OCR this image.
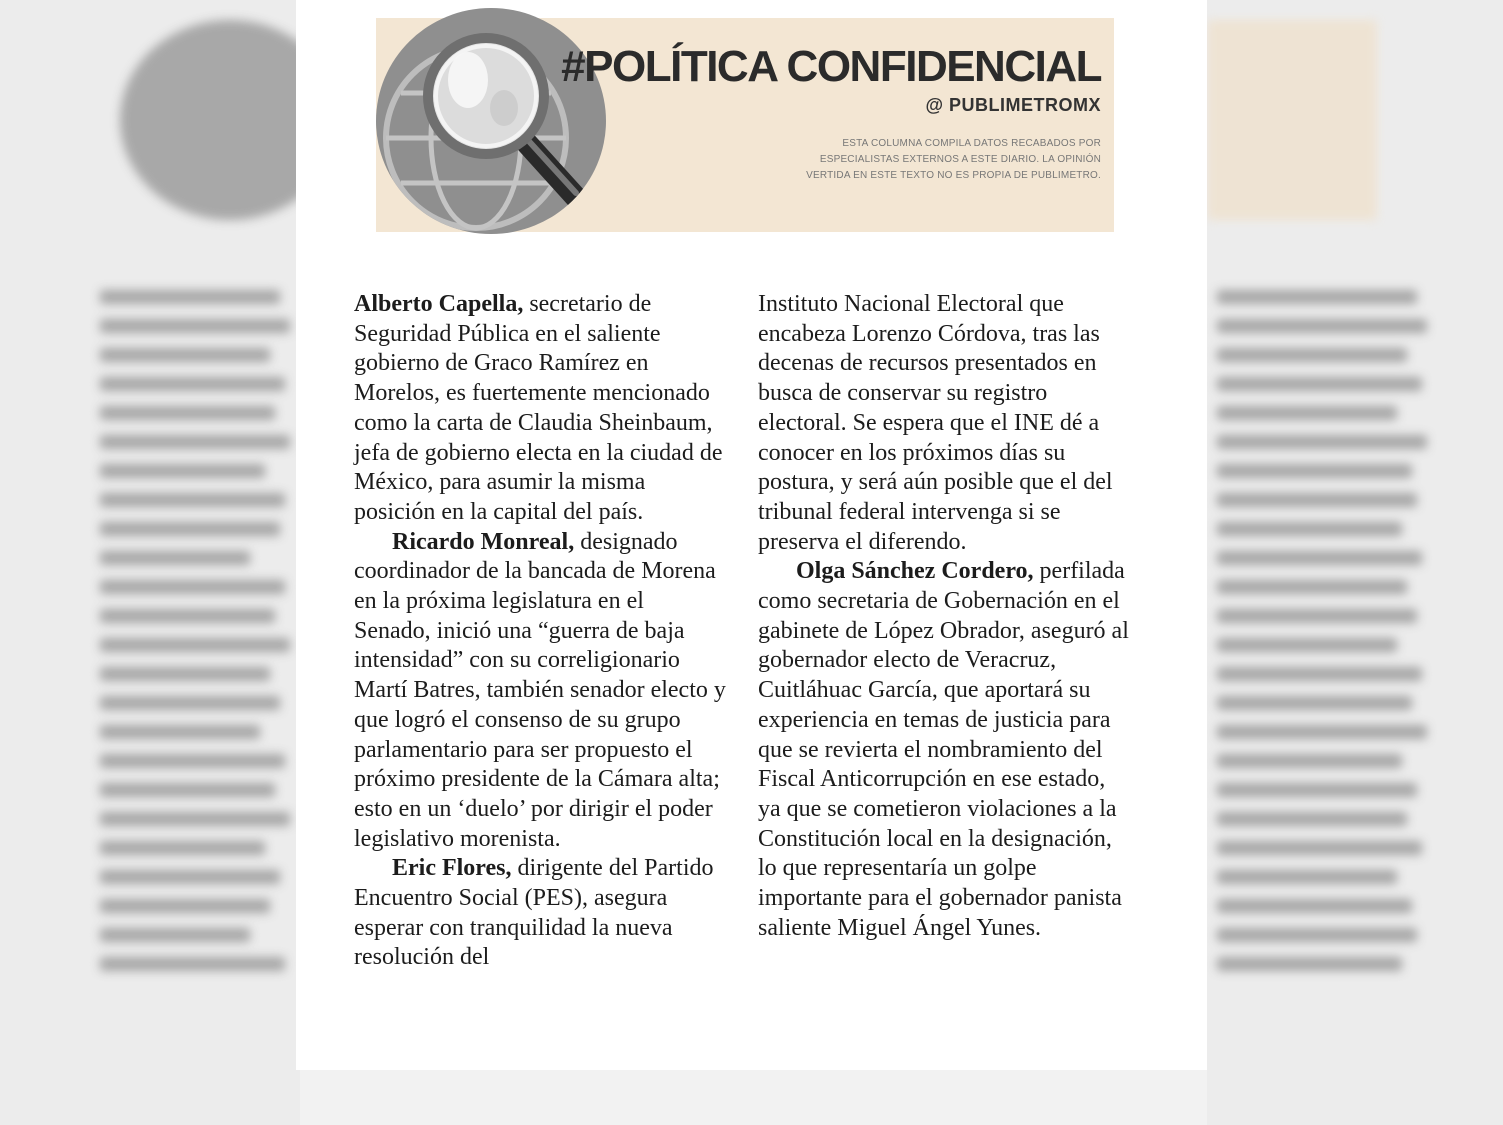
#POLÍTICA CONFIDENCIAL
@ PUBLIMETROMX
ESTA COLUMNA COMPILA DATOS RECABADOS POR ESPECIALISTAS EXTERNOS A ESTE DIARIO. LA OPINIÓN VERTIDA EN ESTE TEXTO NO ES PROPIA DE PUBLIMETRO.

Alberto Capella, secretario de Seguridad Pública en el saliente gobierno de Graco Ramírez en Morelos, es fuertemente mencionado como la carta de Claudia Sheinbaum, jefa de gobierno electa en la ciudad de México, para asumir la misma posición en la capital del país.

Ricardo Monreal, designado coordinador de la bancada de Morena en la próxima legislatura en el Senado, inició una “guerra de baja intensidad” con su correligionario Martí Batres, también senador electo y que logró el consenso de su grupo parlamentario para ser propuesto el próximo presidente de la Cámara alta; esto en un ‘duelo’ por dirigir el poder legislativo morenista.

Eric Flores, dirigente del Partido Encuentro Social (PES), asegura esperar con tranquilidad la nueva resolución del

Instituto Nacional Electoral que encabeza Lorenzo Córdova, tras las decenas de recursos presentados en busca de conservar su registro electoral. Se espera que el INE dé a conocer en los próximos días su postura, y será aún posible que el del tribunal federal intervenga si se preserva el diferendo.

Olga Sánchez Cordero, perfilada como secretaria de Gobernación en el gabinete de López Obrador, aseguró al gobernador electo de Veracruz, Cuitláhuac García, que aportará su experiencia en temas de justicia para que se revierta el nombramiento del Fiscal Anticorrupción en ese estado, ya que se cometieron violaciones a la Constitución local en la designación, lo que representaría un golpe importante para el gobernador panista saliente Miguel Ángel Yunes.
